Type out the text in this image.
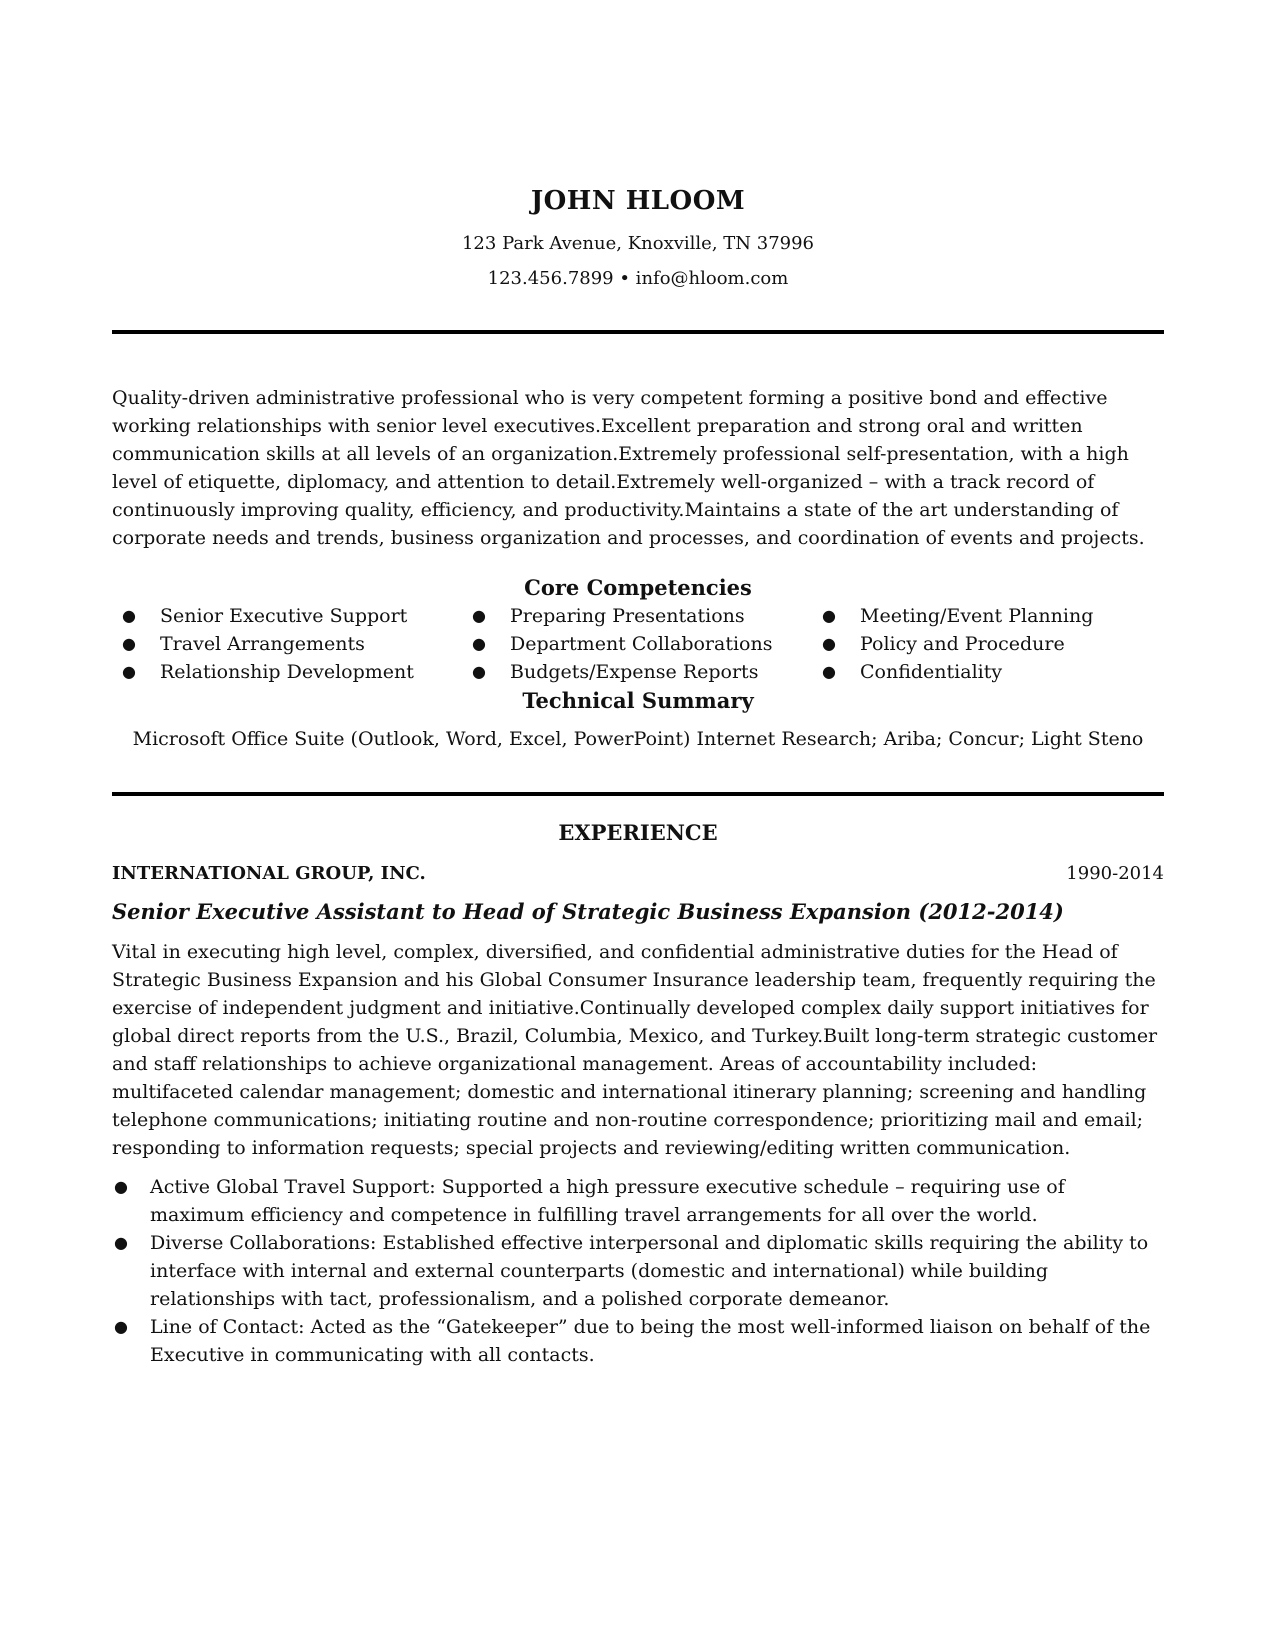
JOHN HLOOM
123 Park Avenue, Knoxville, TN 37996
123.456.7899 • info@hloom.com

Quality-driven administrative professional who is very competent forming a positive bond and effective working relationships with senior level executives.Excellent preparation and strong oral and written communication skills at all levels of an organization.Extremely professional self-presentation, with a high level of etiquette, diplomacy, and attention to detail.Extremely well-organized – with a track record of continuously improving quality, efficiency, and productivity.Maintains a state of the art understanding of corporate needs and trends, business organization and processes, and coordination of events and projects.

Core Competencies
● Senior Executive Support
● Travel Arrangements
● Relationship Development
● Preparing Presentations
● Department Collaborations
● Budgets/Expense Reports
● Meeting/Event Planning
● Policy and Procedure
● Confidentiality
Technical Summary
Microsoft Office Suite (Outlook, Word, Excel, PowerPoint) Internet Research; Ariba; Concur; Light Steno
EXPERIENCE
INTERNATIONAL GROUP, INC.	1990-2014
Senior Executive Assistant to Head of Strategic Business Expansion (2012-2014)

Vital in executing high level, complex, diversified, and confidential administrative duties for the Head of Strategic Business Expansion and his Global Consumer Insurance leadership team, frequently requiring the exercise of independent judgment and initiative.Continually developed complex daily support initiatives for global direct reports from the U.S., Brazil, Columbia, Mexico, and Turkey.Built long-term strategic customer and staff relationships to achieve organizational management. Areas of accountability included: multifaceted calendar management; domestic and international itinerary planning; screening and handling telephone communications; initiating routine and non-routine correspondence; prioritizing mail and email; responding to information requests; special projects and reviewing/editing written communication.

● Active Global Travel Support: Supported a high pressure executive schedule – requiring use of maximum efficiency and competence in fulfilling travel arrangements for all over the world.
● Diverse Collaborations: Established effective interpersonal and diplomatic skills requiring the ability to interface with internal and external counterparts (domestic and international) while building relationships with tact, professionalism, and a polished corporate demeanor.
● Line of Contact: Acted as the “Gatekeeper” due to being the most well-informed liaison on behalf of the Executive in communicating with all contacts.
